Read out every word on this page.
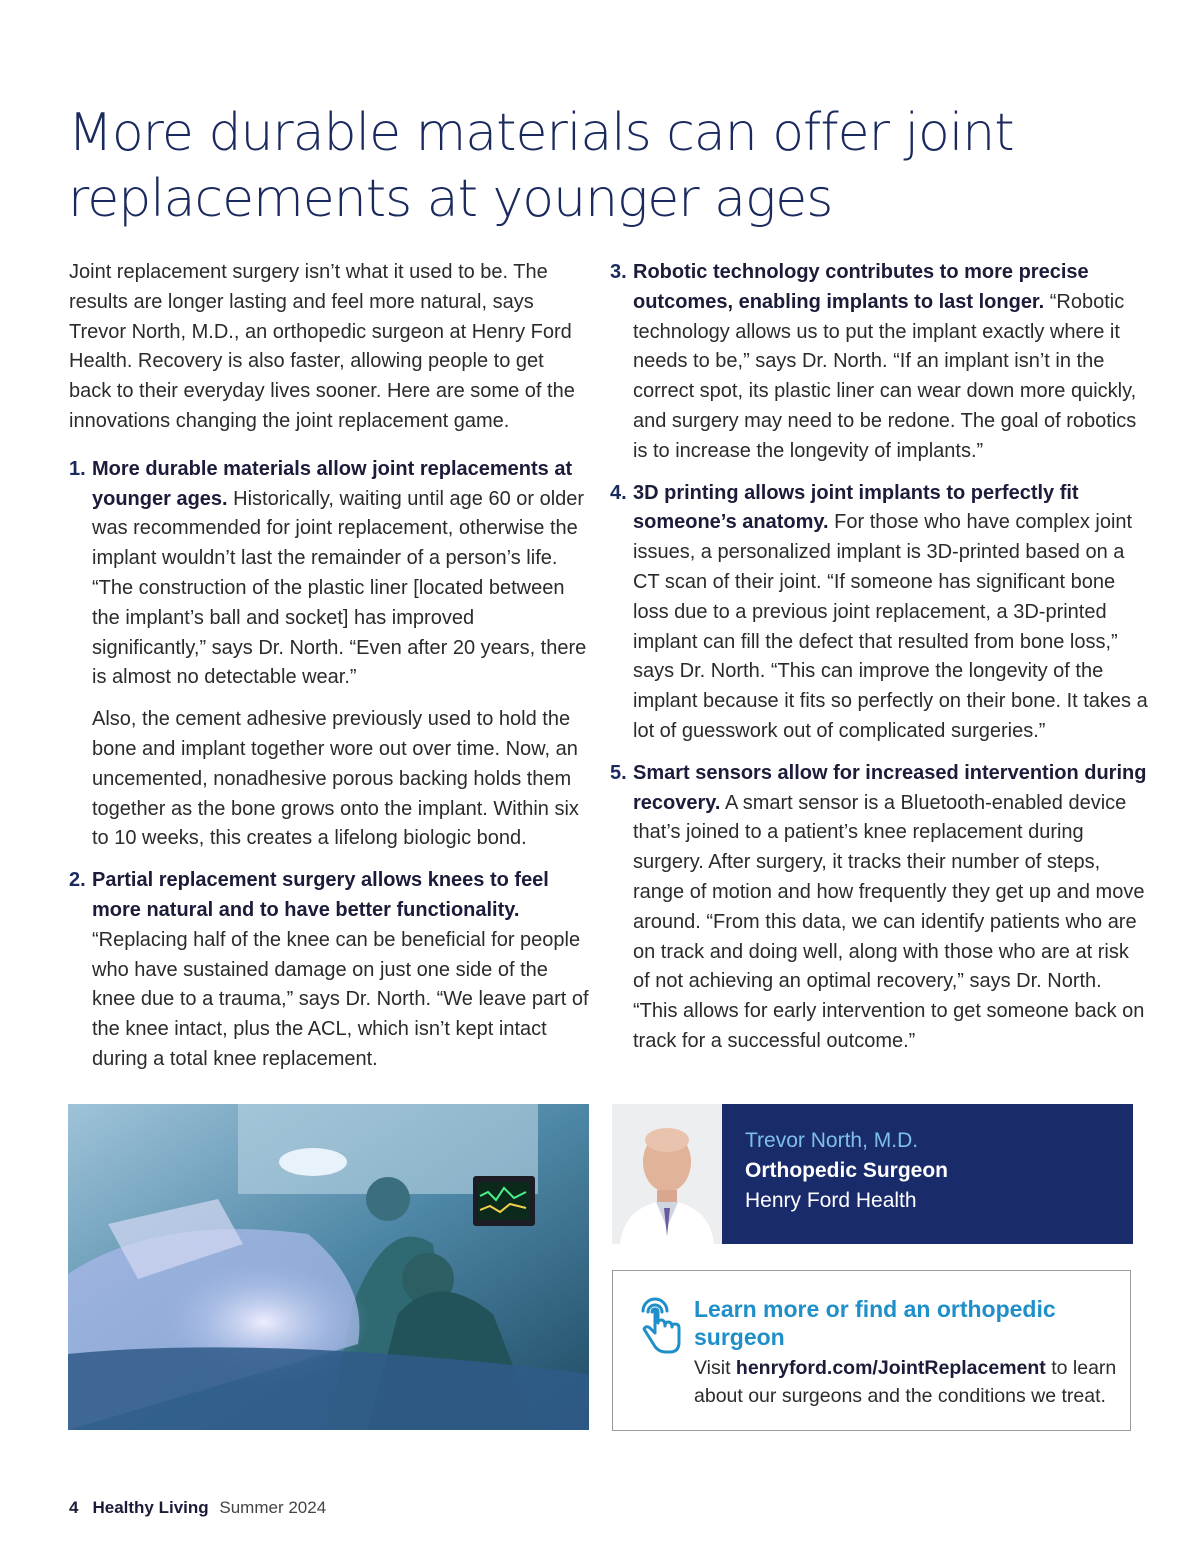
More durable materials can offer joint replacements at younger ages

Joint replacement surgery isn’t what it used to be. The results are longer lasting and feel more natural, says Trevor North, M.D., an orthopedic surgeon at Henry Ford Health. Recovery is also faster, allowing people to get back to their everyday lives sooner. Here are some of the innovations changing the joint replacement game.

1. More durable materials allow joint replacements at younger ages. Historically, waiting until age 60 or older was recommended for joint replacement, otherwise the implant wouldn’t last the remainder of a person’s life. “The construction of the plastic liner [located between the implant’s ball and socket] has improved significantly,” says Dr. North. “Even after 20 years, there is almost no detectable wear.”

Also, the cement adhesive previously used to hold the bone and implant together wore out over time. Now, an uncemented, nonadhesive porous backing holds them together as the bone grows onto the implant. Within six to 10 weeks, this creates a lifelong biologic bond.

2. Partial replacement surgery allows knees to feel more natural and to have better functionality. “Replacing half of the knee can be beneficial for people who have sustained damage on just one side of the knee due to a trauma,” says Dr. North. “We leave part of the knee intact, plus the ACL, which isn’t kept intact during a total knee replacement.

3. Robotic technology contributes to more precise outcomes, enabling implants to last longer. “Robotic technology allows us to put the implant exactly where it needs to be,” says Dr. North. “If an implant isn’t in the correct spot, its plastic liner can wear down more quickly, and surgery may need to be redone. The goal of robotics is to increase the longevity of implants.”

4. 3D printing allows joint implants to perfectly fit someone’s anatomy. For those who have complex joint issues, a personalized implant is 3D-printed based on a CT scan of their joint. “If someone has significant bone loss due to a previous joint replacement, a 3D-printed implant can fill the defect that resulted from bone loss,” says Dr. North. “This can improve the longevity of the implant because it fits so perfectly on their bone. It takes a lot of guesswork out of complicated surgeries.”

5. Smart sensors allow for increased intervention during recovery. A smart sensor is a Bluetooth-enabled device that’s joined to a patient’s knee replacement during surgery. After surgery, it tracks their number of steps, range of motion and how frequently they get up and move around. “From this data, we can identify patients who are on track and doing well, along with those who are at risk of not achieving an optimal recovery,” says Dr. North. “This allows for early intervention to get someone back on track for a successful outcome.”

Trevor North, M.D.
Orthopedic Surgeon
Henry Ford Health
Learn more or find an orthopedic surgeon
Visit henryford.com/JointReplacement to learn about our surgeons and the conditions we treat.
4 Healthy Living Summer 2024
